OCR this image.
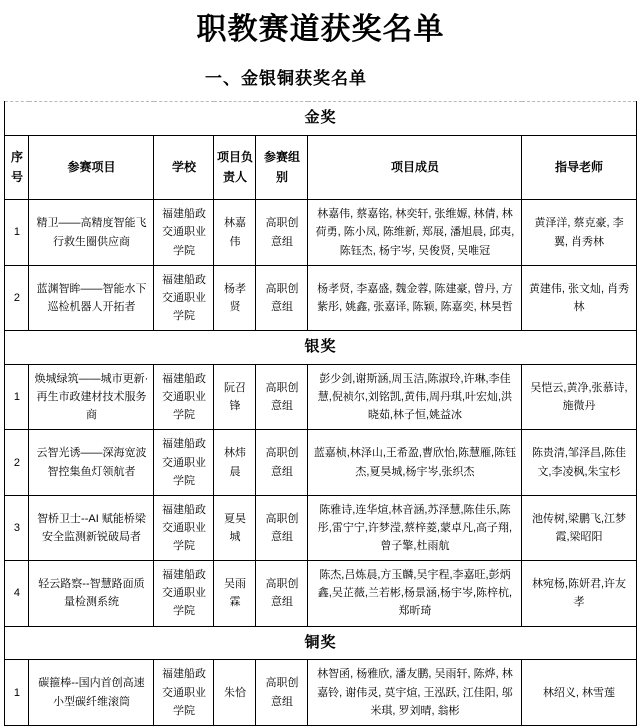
职教赛道获奖名单
一、金银铜获奖名单
金奖						
序号	参赛项目	学校	项目负责人	参赛组别	项目成员	指导老师
1	精卫——高精度智能飞行救生圈供应商	福建船政交通职业学院	林嘉伟	高职创意组	林嘉伟, 蔡嘉铭, 林奕轩, 张维嫄, 林倩, 林荷勇, 陈小凤, 陈维新, 郑展, 潘旭晨, 邱夷, 陈钰杰, 杨宇岑, 吴俊贤, 吴唯冠	黄泽洋, 蔡克豪, 李翼, 肖秀林
2	蓝渊智眸——智能水下巡检机器人开拓者	福建船政交通职业学院	杨孝贤	高职创意组	杨孝贤, 李嘉盛, 魏金蓉, 陈建豪, 曾丹, 方紫彤, 姚鑫, 张嘉译, 陈颖, 陈嘉奕, 林昊哲	黄建伟, 张文灿, 肖秀林
银奖						
1	焕城绿筑——城市更新·再生市政建材技术服务商	福建船政交通职业学院	阮召锋	高职创意组	彭少剑,谢斯涵,周玉洁,陈淑玲,许琳,李佳慧,倪祯尔,刘铭凯,黄伟,周丹琪,叶宏灿,洪晓茹,林子恒,姚益冰	吴恺云,黄净,张慕诗,施微丹
2	云智光诱——深海宽波智控集鱼灯领航者	福建船政交通职业学院	林炜晨	高职创意组	蓝嘉桢,林泽山,王希盈,曹欣怡,陈慧雁,陈钰杰,夏昊城,杨宇岑,张织杰	陈贵清,邹泽昌,陈佳文,李凌枫,朱宝杉
3	智桥卫士--AI 赋能桥梁安全监测新锐破局者	福建船政交通职业学院	夏昊城	高职创意组	陈雅诗,连华煊,林音涵,苏泽慧,陈佳乐,陈彤,雷宁宁,许梦滢,蔡梓菱,蒙卓凡,高子翔,曾子擎,杜雨航	池传树,梁鹏飞,江梦霞,梁昭阳
4	轻云路察--智慧路面质量检测系统	福建船政交通职业学院	吴雨霖	高职创意组	陈杰,吕炼晨,方玉麟,吴宇程,李嘉旺,彭炳鑫,吴芷薇,兰若彬,杨景涵,杨宇岑,陈梓杭,郑昕琦	林宛杨,陈妍君,许友孝
铜奖						
1	碳箍棒--国内首创高速小型碳纤维滚筒	福建船政交通职业学院	朱恰	高职创意组	林智函, 杨雅欣, 潘友鹏, 吴雨轩, 陈烨, 林嘉铃, 谢伟灵, 莫宇煊, 王泓跃, 江佳阳, 邬米琪, 罗刘晴, 翁彬	林绍义, 林雪莲
